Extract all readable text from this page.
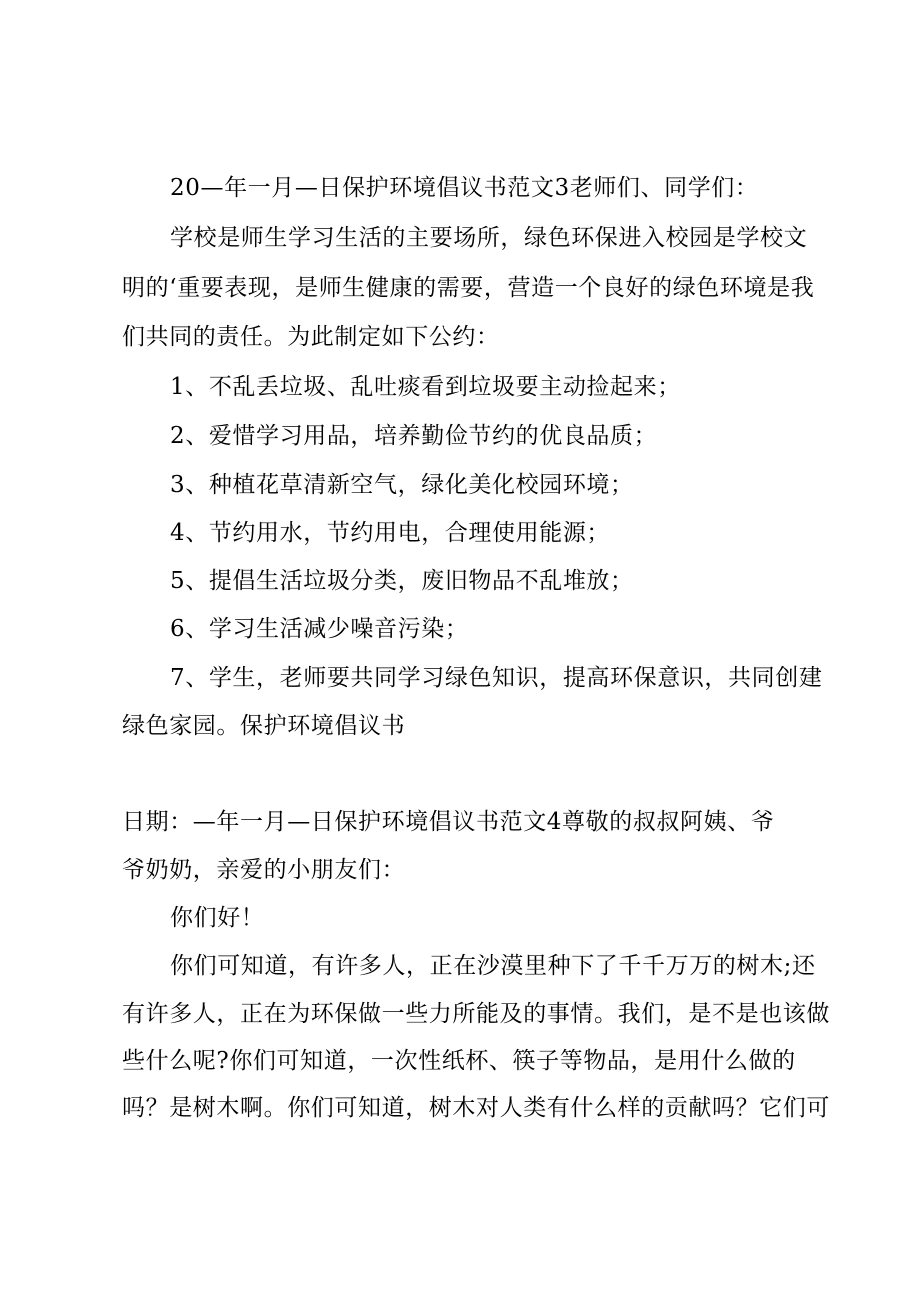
20—年一月—日保护环境倡议书范文3老师们、同学们：

学校是师生学习生活的主要场所，绿色环保进入校园是学校文

明的‘重要表现，是师生健康的需要，营造一个良好的绿色环境是我

们共同的责任。为此制定如下公约：

1、不乱丢垃圾、乱吐痰看到垃圾要主动捡起来；

2、爱惜学习用品，培养勤俭节约的优良品质；

3、种植花草清新空气，绿化美化校园环境；

4、节约用水，节约用电，合理使用能源；

5、提倡生活垃圾分类，废旧物品不乱堆放；

6、学习生活减少噪音污染；

7、学生，老师要共同学习绿色知识，提高环保意识，共同创建

绿色家园。保护环境倡议书

日期：—年一月—日保护环境倡议书范文4尊敬的叔叔阿姨、爷

爷奶奶，亲爱的小朋友们：

你们好！

你们可知道，有许多人，正在沙漠里种下了千千万万的树木;还

有许多人，正在为环保做一些力所能及的事情。我们，是不是也该做

些什么呢?你们可知道，一次性纸杯、筷子等物品，是用什么做的

吗？是树木啊。你们可知道，树木对人类有什么样的贡献吗？它们可
